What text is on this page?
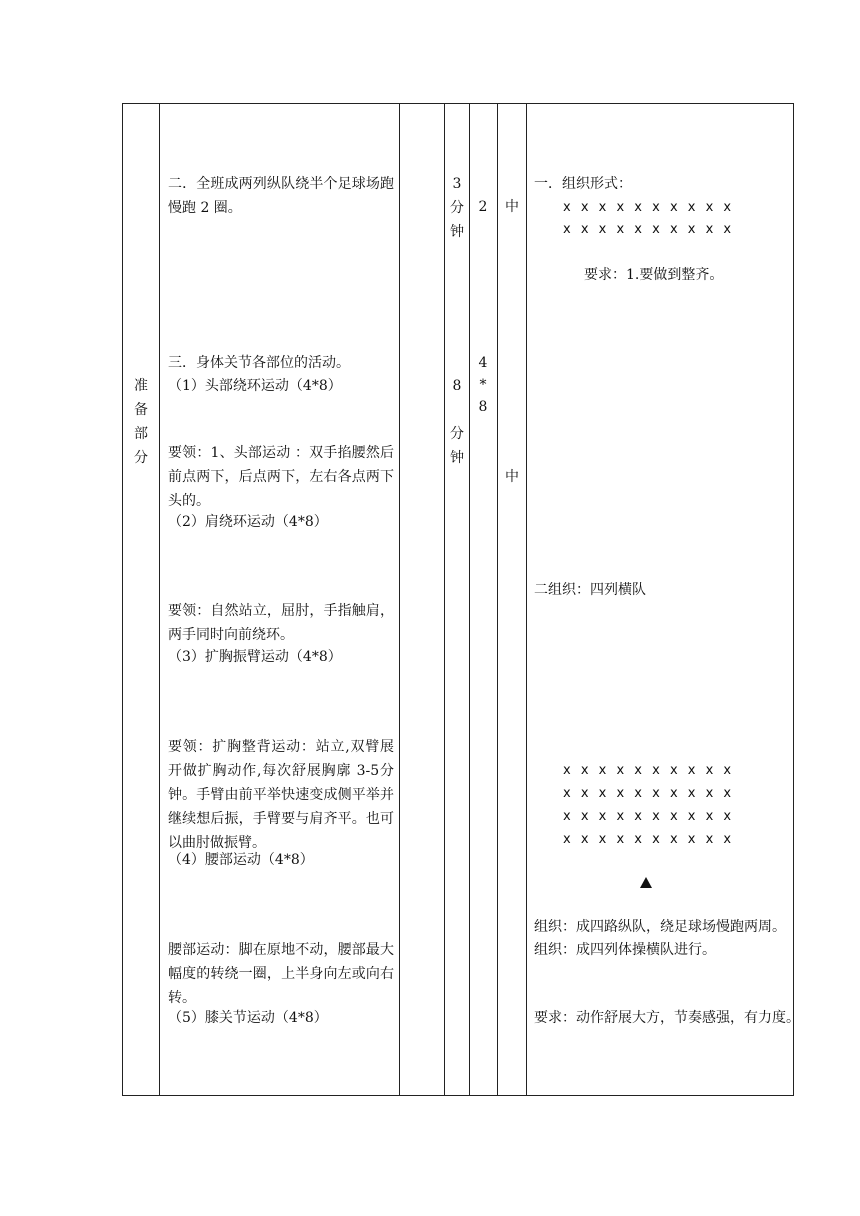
准
备
部
分
二．全班成两列纵队绕半个足球场跑慢跑 2 圈。
三．身体关节各部位的活动。
（1）头部绕环运动（4*8）
要领：1、头部运动 ：双手掐腰然后前点两下，后点两下，左右各点两下头的。
（2）肩绕环运动（4*8）
要领：自然站立，屈肘，手指触肩，两手同时向前绕环。
（3）扩胸振臂运动（4*8）
要领：扩胸整背运动：站立,双臂展开做扩胸动作,每次舒展胸廓 3-5分钟。手臂由前平举快速变成侧平举并继续想后振，手臂要与肩齐平。也可以曲肘做振臂。
（4）腰部运动（4*8）
腰部运动：脚在原地不动，腰部最大幅度的转绕一圈，上半身向左或向右转。
（5）膝关节运动（4*8）
3
分
钟
8
分
钟
2
4
*
8
中
中
一．组织形式：
x x x x x x x x x x
x x x x x x x x x x
要求：1.要做到整齐。
二组织：四列横队
x x x x x x x x x x
x x x x x x x x x x
x x x x x x x x x x
x x x x x x x x x x
组织：成四路纵队，绕足球场慢跑两周。
组织：成四列体操横队进行。
要求：动作舒展大方，节奏感强，有力度。
